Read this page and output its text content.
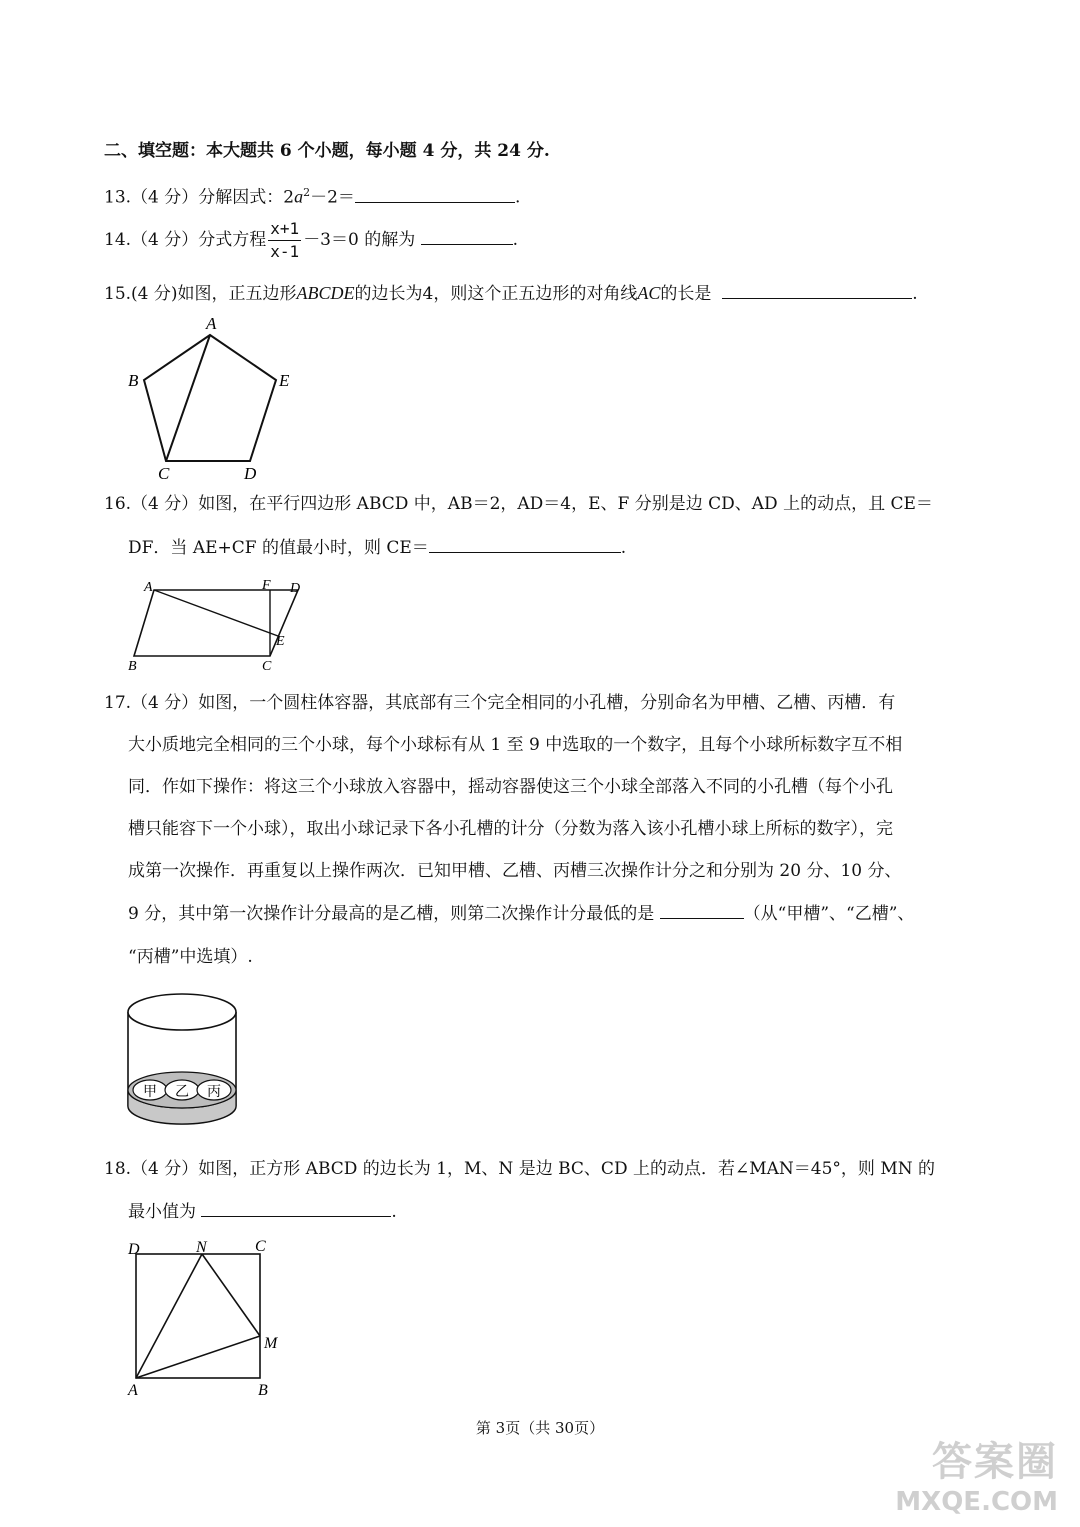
二、填空题：本大题共 6 个小题，每小题 4 分，共 24 分.
13.（4 分）分解因式：$2a^2-2=$	.
14.（4 分）分式方程 $\frac{x+1}{x-1} -3=0$ 的解为	.
15.(4 分)如图，正五边形ABCDE的边长为4，则这个正五边形的对角线AC的长是	.
A
B
C	D
E
16.（4 分）如图，在平行四边形 ABCD 中，AB＝2，AD＝4，E、F 分别是边 CD、AD 上的动点，且 CE＝
DF．当 AE+CF 的值最小时，则 CE＝	.
A	F D
E
B	C
17.（4 分）如图，一个圆柱体容器，其底部有三个完全相同的小孔槽，分别命名为甲槽、乙槽、丙槽．有
大小质地完全相同的三个小球，每个小球标有从 1 至 9 中选取的一个数字，且每个小球所标数字互不相
同．作如下操作：将这三个小球放入容器中，摇动容器使这三个小球全部落入不同的小孔槽（每个小孔
槽只能容下一个小球），取出小球记录下各小孔槽的计分（分数为落入该小孔槽小球上所标的数字），完
成第一次操作．再重复以上操作两次．已知甲槽、乙槽、丙槽三次操作计分之和分别为 20 分、10 分、
9 分，其中第一次操作计分最高的是乙槽，则第二次操作计分最低的是	（从“甲槽”、“乙槽”、
“丙槽”中选填）.
甲 乙 丙
18.（4 分）如图，正方形 ABCD 的边长为 1，M、N 是边 BC、CD 上的动点．若∠MAN＝45°，则 MN 的
最小值为	.
D	N	C
M
A	B
第 3页（共 30页）
答案圈
MXQE.COM
